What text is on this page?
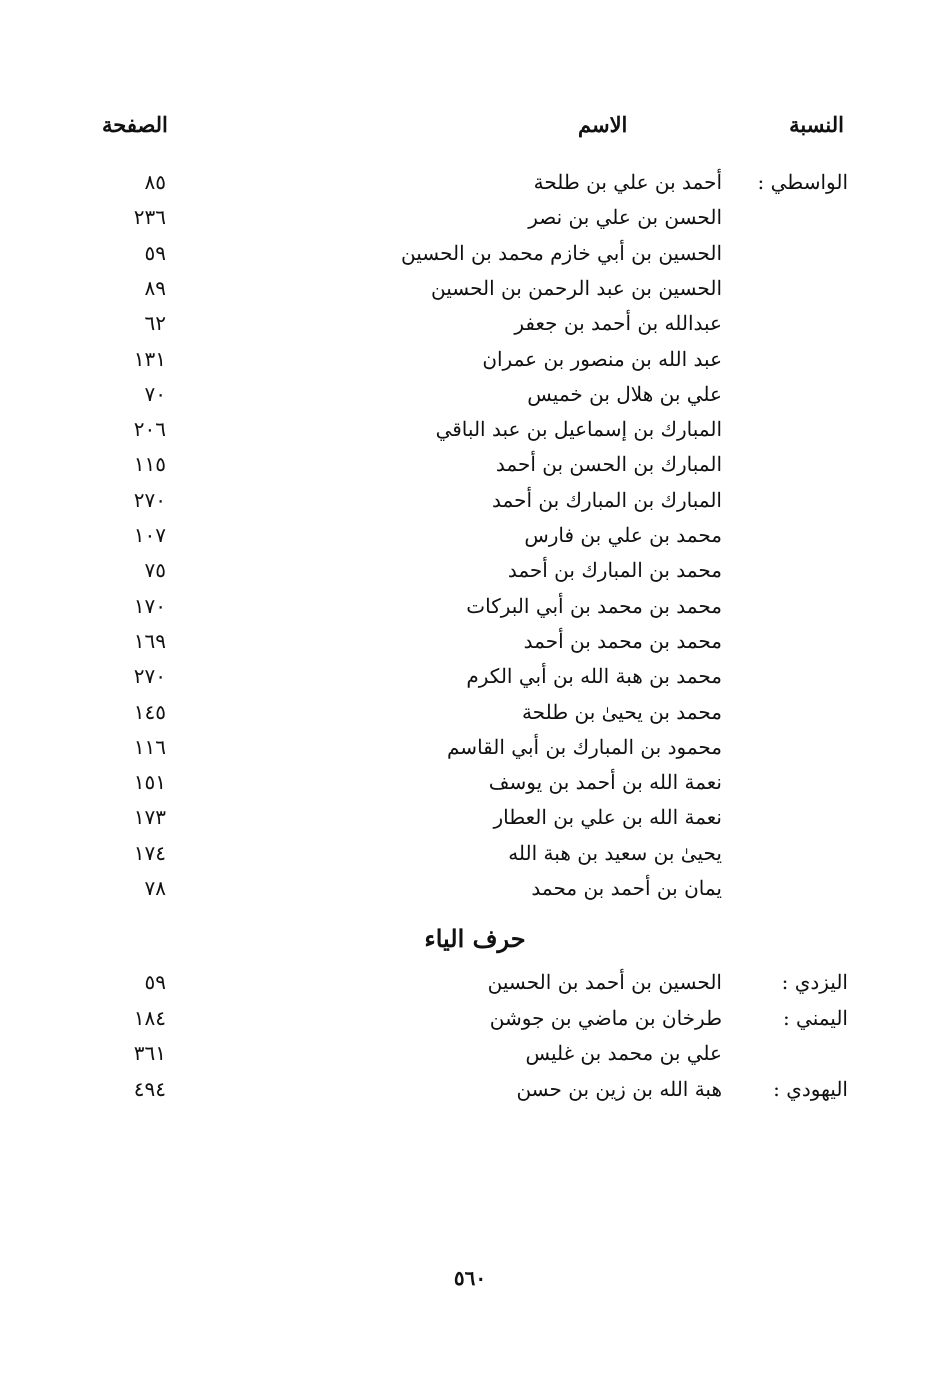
النسبة
الاسم
الصفحة
الواسطي :
أحمد بن علي بن طلحة
٨٥
الحسن بن علي بن نصر
٢٣٦
الحسين بن أبي خازم محمد بن الحسين
٥٩
الحسين بن عبد الرحمن بن الحسين
٨٩
عبدالله بن أحمد بن جعفر
٦٢
عبد الله بن منصور بن عمران
١٣١
علي بن هلال بن خميس
٧٠
المبارك بن إسماعيل بن عبد الباقي
٢٠٦
المبارك بن الحسن بن أحمد
١١٥
المبارك بن المبارك بن أحمد
٢٧٠
محمد بن علي بن فارس
١٠٧
محمد بن المبارك بن أحمد
٧٥
محمد بن محمد بن أبي البركات
١٧٠
محمد بن محمد بن أحمد
١٦٩
محمد بن هبة الله بن أبي الكرم
٢٧٠
محمد بن يحيىٰ بن طلحة
١٤٥
محمود بن المبارك بن أبي القاسم
١١٦
نعمة الله بن أحمد بن يوسف
١٥١
نعمة الله بن علي بن العطار
١٧٣
يحيىٰ بن سعيد بن هبة الله
١٧٤
يمان بن أحمد بن محمد
٧٨
حرف الياء
اليزدي :
الحسين بن أحمد بن الحسين
٥٩
اليمني :
طرخان بن ماضي بن جوشن
١٨٤
علي بن محمد بن غليس
٣٦١
اليهودي :
هبة الله بن زين بن حسن
٤٩٤
٥٦٠
